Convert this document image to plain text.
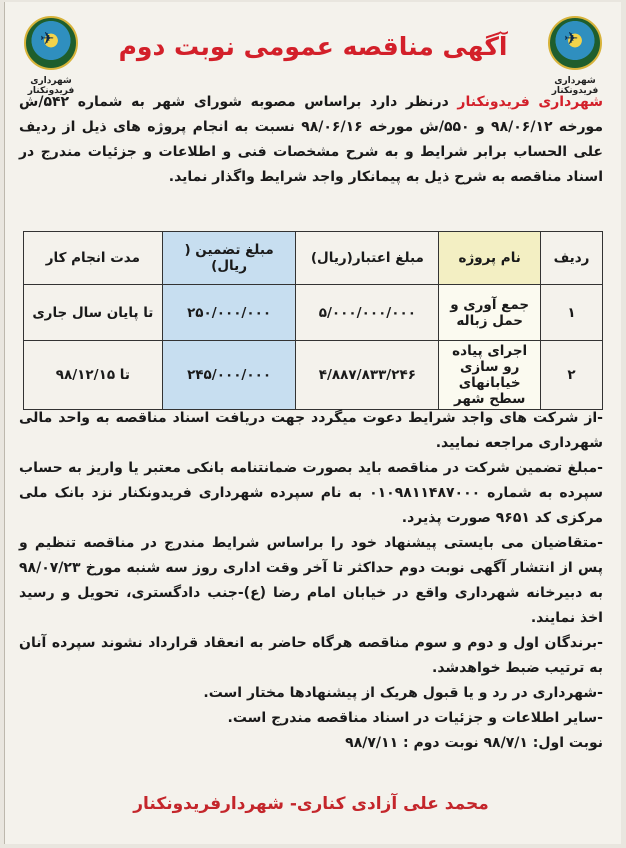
✈
شهرداری فریدونکنار
✈
شهرداری فریدونکنار
آگهی مناقصه عمومی نوبت دوم
شهرداری فریدونکنار درنظر دارد براساس مصوبه شورای شهر به شماره ۵۴۲/ش مورخه ۹۸/۰۶/۱۲ و ۵۵۰/ش مورخه ۹۸/۰۶/۱۶ نسبت به انجام پروژه های ذیل از ردیف علی الحساب برابر شرایط و به شرح مشخصات فنی و اطلاعات و جزئیات مندرج در اسناد مناقصه به شرح ذیل به پیمانکار واجد شرایط واگذار نماید.
ردیف	نام پروژه	مبلغ اعتبار(ریال)	مبلغ تضمین ( ریال)	مدت انجام کار
۱	جمع آوری و حمل زباله	۵/۰۰۰/۰۰۰/۰۰۰	۲۵۰/۰۰۰/۰۰۰	تا پایان سال جاری
۲	اجرای پیاده رو سازی خیابانهای سطح شهر	۴/۸۸۷/۸۳۳/۲۴۶	۲۴۵/۰۰۰/۰۰۰	تا ۹۸/۱۲/۱۵

-از شرکت های واجد شرایط دعوت میگردد جهت دریافت اسناد مناقصه به واحد مالی شهرداری مراجعه نمایید.

-مبلغ تضمین شرکت در مناقصه باید بصورت ضمانتنامه بانکی معتبر یا واریز به حساب سپرده به شماره ۰۱۰۹۸۱۱۴۸۷۰۰۰ به نام سپرده شهرداری فریدونکنار نزد بانک ملی مرکزی کد ۹۶۵۱ صورت پذیرد.

-متقاضیان می بایستی پیشنهاد خود را براساس شرایط مندرج در مناقصه تنظیم و پس از انتشار آگهی نوبت دوم حداکثر تا آخر وقت اداری روز سه شنبه مورخ ۹۸/۰۷/۲۳ به دبیرخانه شهرداری واقع در خیابان امام رضا (ع)-جنب دادگستری، تحویل و رسید اخذ نمایند.

-برندگان اول و دوم و سوم مناقصه هرگاه حاضر به انعقاد قرارداد نشوند سپرده آنان به ترتیب ضبط خواهدشد.

-شهرداری در رد و یا قبول هریک از پیشنهادها مختار است.

-سایر اطلاعات و جزئیات در اسناد مناقصه مندرج است.

نوبت اول: ۹۸/۷/۱ نوبت دوم : ۹۸/۷/۱۱

محمد علی آزادی کناری- شهردارفریدونکنار
